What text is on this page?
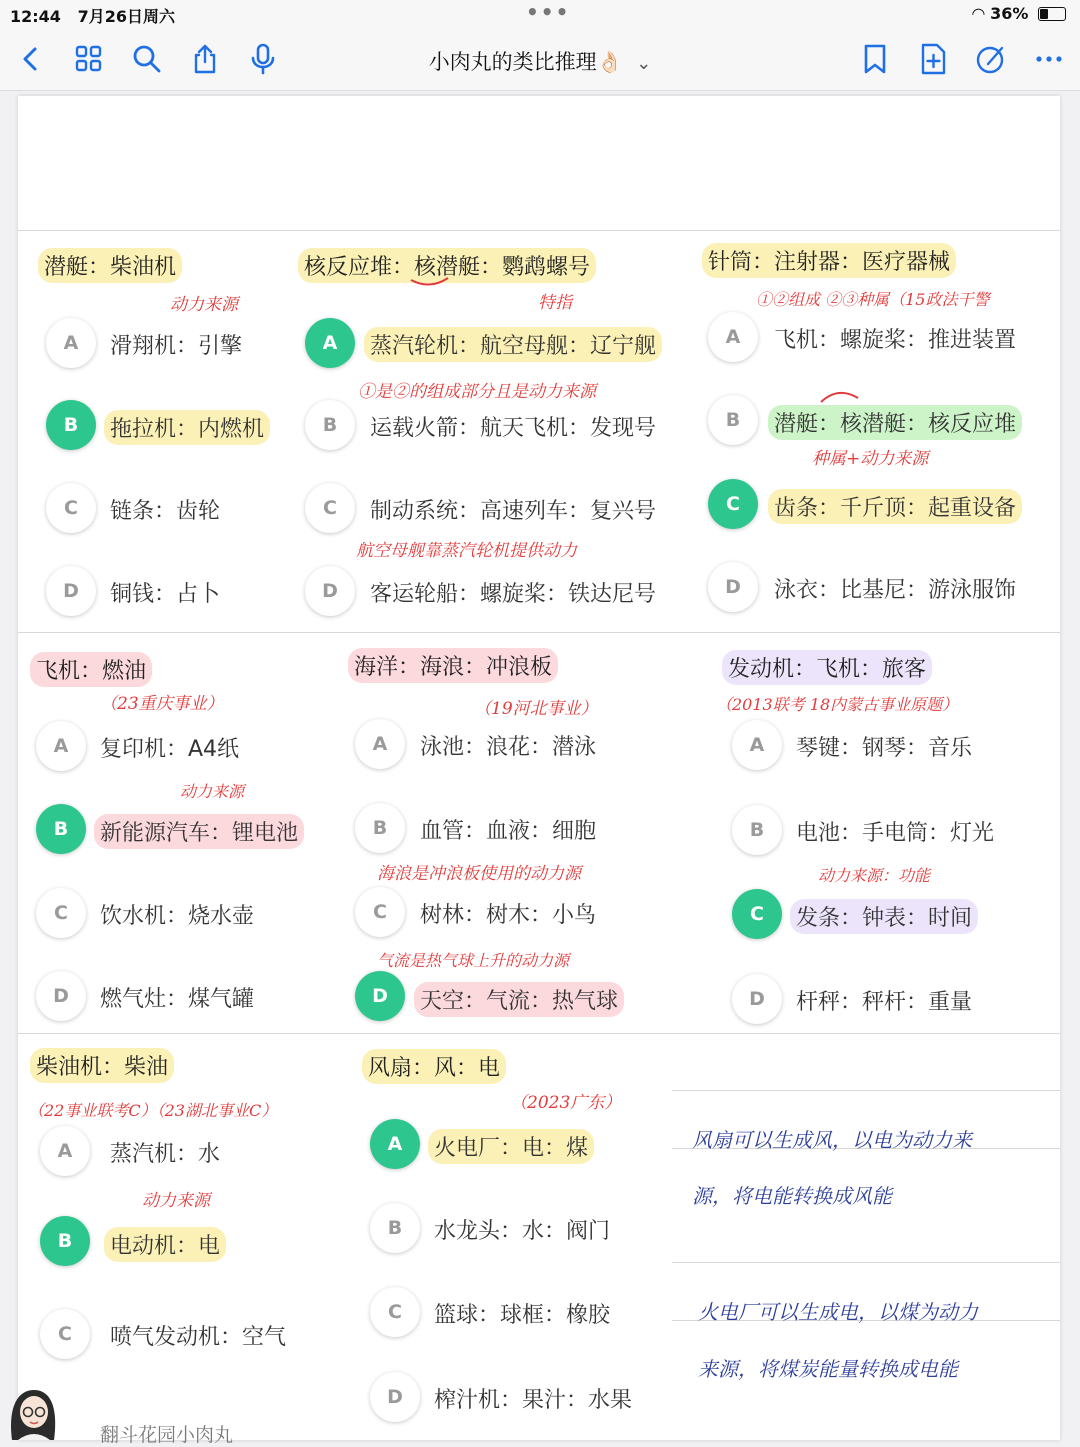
12:44 7月26日周六	•••	◠ 36%
小肉丸的类比推理👌🏻 ⌄
潜艇：柴油机
动力来源
A	滑翔机：引擎
B	拖拉机：内燃机
C	链条：齿轮
D	铜钱：占卜
核反应堆：核潜艇：鹦鹉螺号
特指
A	蒸汽轮机：航空母舰：辽宁舰
①是②的组成部分且是动力来源
B	运载火箭：航天飞机：发现号
C	制动系统：高速列车：复兴号
航空母舰靠蒸汽轮机提供动力
D	客运轮船：螺旋桨：铁达尼号
针筒：注射器：医疗器械
①②组成 ②③种属（15政法干警
A	飞机：螺旋桨：推进装置
B	潜艇：核潜艇：核反应堆
种属+动力来源
C	齿条：千斤顶：起重设备
D	泳衣：比基尼：游泳服饰
飞机：燃油
（23重庆事业）
A	复印机：A4纸
动力来源
B	新能源汽车：锂电池
C	饮水机：烧水壶
D	燃气灶：煤气罐
海洋：海浪：冲浪板
（19河北事业）
A	泳池：浪花：潜泳
B	血管：血液：细胞
海浪是冲浪板使用的动力源
C	树林：树木：小鸟
气流是热气球上升的动力源
D	天空：气流：热气球
发动机：飞机：旅客
（2013联考 18内蒙古事业原题）
A	琴键：钢琴：音乐
B	电池：手电筒：灯光
动力来源：功能
C	发条：钟表：时间
D	杆秤：秤杆：重量
柴油机：柴油
（22事业联考C）（23湖北事业C）
A	蒸汽机：水
动力来源
B	电动机：电
C	喷气发动机：空气
风扇：风：电
（2023广东）
A	火电厂：电：煤
B	水龙头：水：阀门
C	篮球：球框：橡胶
D	榨汁机：果汁：水果
风扇可以生成风，以电为动力来
源，将电能转换成风能
火电厂可以生成电，以煤为动力
来源，将煤炭能量转换成电能
翻斗花园小肉丸
